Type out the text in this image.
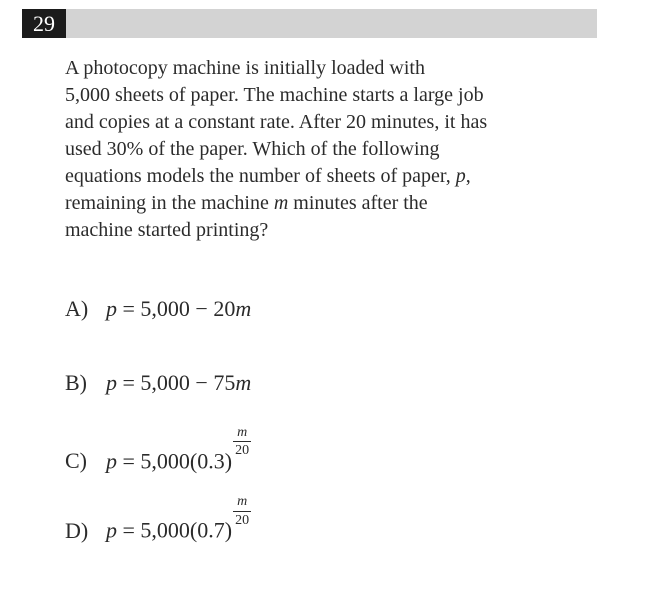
29
A photocopy machine is initially loaded with
5,000 sheets of paper. The machine starts a large job
and copies at a constant rate. After 20 minutes, it has
used 30% of the paper. Which of the following
equations models the number of sheets of paper, p,
remaining in the machine m minutes after the
machine started printing?
A) p = 5,000 − 20m
B) p = 5,000 − 75m
C) p = 5,000(0.3)
$\frac{m}{20}$
D) p = 5,000(0.7)
$\frac{m}{20}$
